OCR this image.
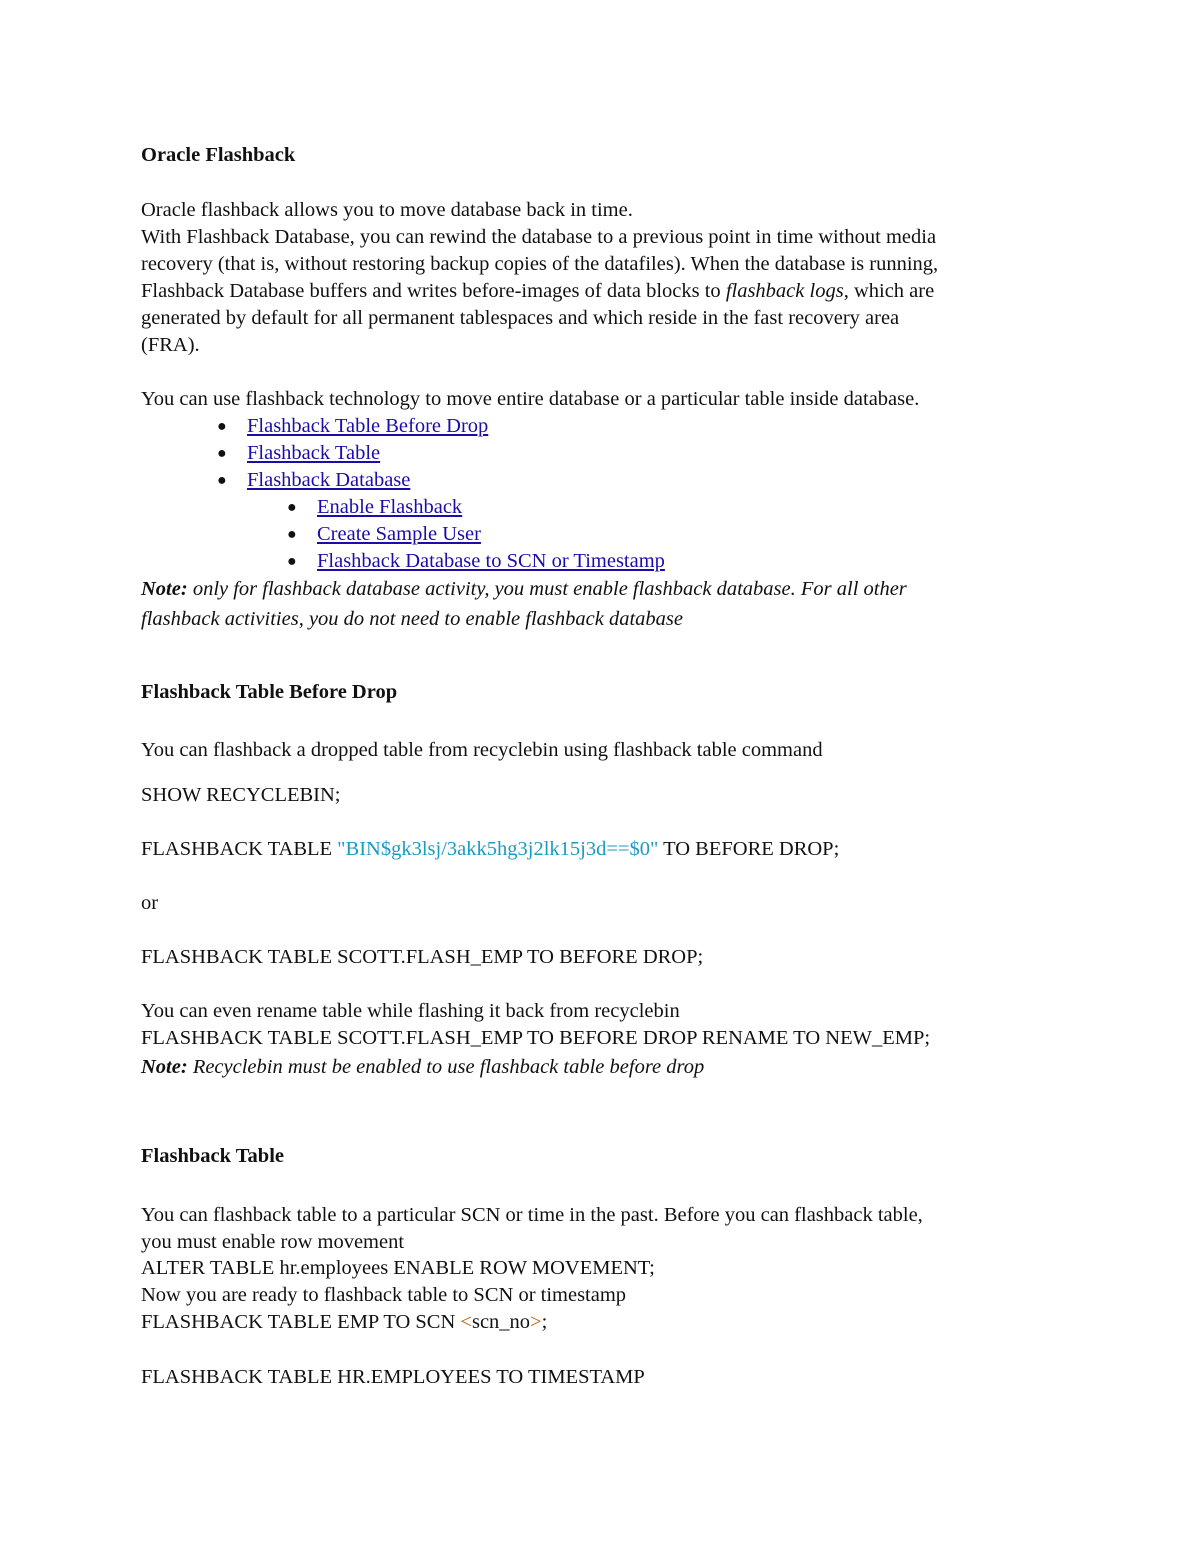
Oracle Flashback
Oracle flashback allows you to move database back in time.
With Flashback Database, you can rewind the database to a previous point in time without media
recovery (that is, without restoring backup copies of the datafiles). When the database is running,
Flashback Database buffers and writes before-images of data blocks to flashback logs, which are
generated by default for all permanent tablespaces and which reside in the fast recovery area
(FRA).
You can use flashback technology to move entire database or a particular table inside database.
● Flashback Table Before Drop
● Flashback Table
● Flashback Database
● Enable Flashback
● Create Sample User
● Flashback Database to SCN or Timestamp
Note: only for flashback database activity, you must enable flashback database. For all other
flashback activities, you do not need to enable flashback database
Flashback Table Before Drop
You can flashback a dropped table from recyclebin using flashback table command
SHOW RECYCLEBIN;
FLASHBACK TABLE "BIN$gk3lsj/3akk5hg3j2lk15j3d==$0" TO BEFORE DROP;
or
FLASHBACK TABLE SCOTT.FLASH_EMP TO BEFORE DROP;
You can even rename table while flashing it back from recyclebin
FLASHBACK TABLE SCOTT.FLASH_EMP TO BEFORE DROP RENAME TO NEW_EMP;
Note: Recyclebin must be enabled to use flashback table before drop
Flashback Table
You can flashback table to a particular SCN or time in the past. Before you can flashback table,
you must enable row movement
ALTER TABLE hr.employees ENABLE ROW MOVEMENT;
Now you are ready to flashback table to SCN or timestamp
FLASHBACK TABLE EMP TO SCN <scn_no>;
FLASHBACK TABLE HR.EMPLOYEES TO TIMESTAMP
